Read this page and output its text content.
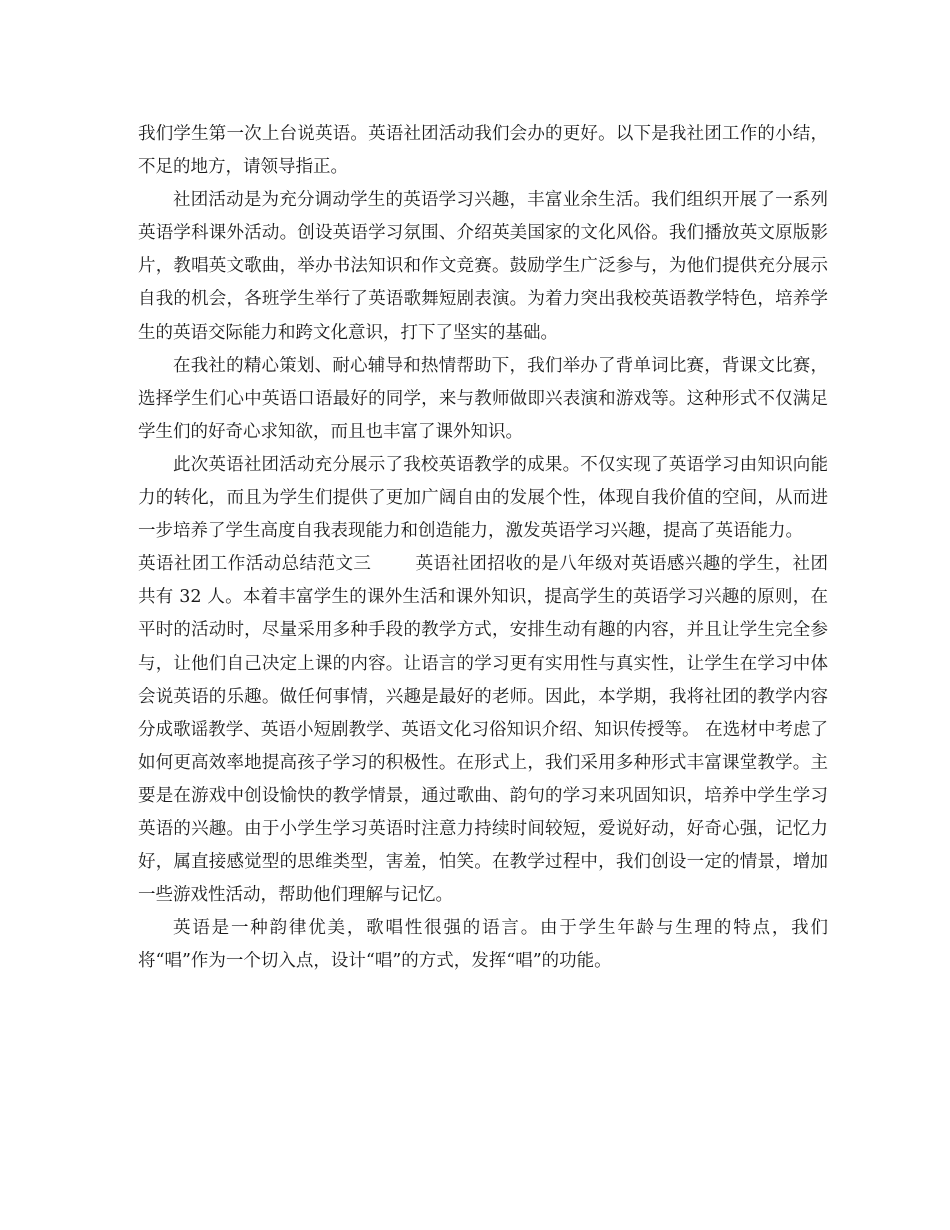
我们学生第一次上台说英语。英语社团活动我们会办的更好。以下是我社团工作的小结，不足的地方，请领导指正。

社团活动是为充分调动学生的英语学习兴趣，丰富业余生活。我们组织开展了一系列英语学科课外活动。创设英语学习氛围、介绍英美国家的文化风俗。我们播放英文原版影片，教唱英文歌曲，举办书法知识和作文竞赛。鼓励学生广泛参与，为他们提供充分展示自我的机会，各班学生举行了英语歌舞短剧表演。为着力突出我校英语教学特色，培养学生的英语交际能力和跨文化意识，打下了坚实的基础。

在我社的精心策划、耐心辅导和热情帮助下，我们举办了背单词比赛，背课文比赛，选择学生们心中英语口语最好的同学，来与教师做即兴表演和游戏等。这种形式不仅满足学生们的好奇心求知欲，而且也丰富了课外知识。

此次英语社团活动充分展示了我校英语教学的成果。不仅实现了英语学习由知识向能力的转化，而且为学生们提供了更加广阔自由的发展个性，体现自我价值的空间，从而进一步培养了学生高度自我表现能力和创造能力，激发英语学习兴趣，提高了英语能力。

英语社团工作活动总结范文三	英语社团招收的是八年级对英语感兴趣的学生，社团共有 32 人。本着丰富学生的课外生活和课外知识，提高学生的英语学习兴趣的原则，在平时的活动时，尽量采用多种手段的教学方式，安排生动有趣的内容，并且让学生完全参与，让他们自己决定上课的内容。让语言的学习更有实用性与真实性，让学生在学习中体会说英语的乐趣。做任何事情，兴趣是最好的老师。因此，本学期，我将社团的教学内容分成歌谣教学、英语小短剧教学、英语文化习俗知识介绍、知识传授等。 在选材中考虑了如何更高效率地提高孩子学习的积极性。在形式上，我们采用多种形式丰富课堂教学。主要是在游戏中创设愉快的教学情景，通过歌曲、韵句的学习来巩固知识，培养中学生学习英语的兴趣。由于小学生学习英语时注意力持续时间较短，爱说好动，好奇心强，记忆力好，属直接感觉型的思维类型，害羞，怕笑。在教学过程中，我们创设一定的情景，增加一些游戏性活动，帮助他们理解与记忆。

英语是一种韵律优美，歌唱性很强的语言。由于学生年龄与生理的特点，我们将“唱”作为一个切入点，设计“唱”的方式，发挥“唱”的功能。
